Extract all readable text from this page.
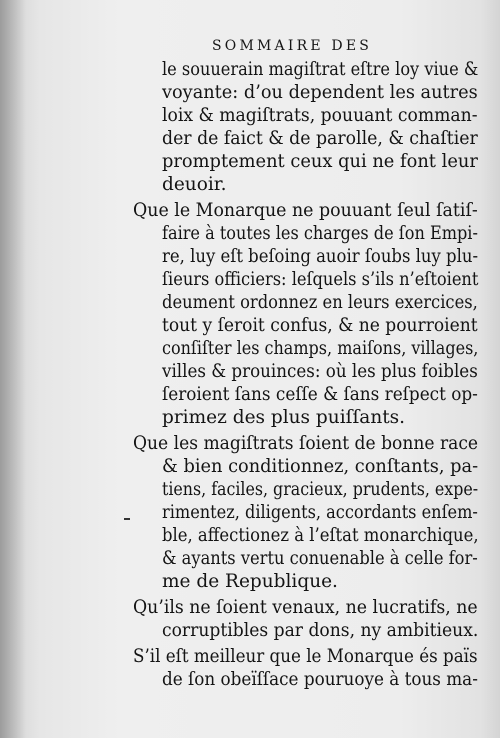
SOMMAIRE DES
le souuerain magiſtrat eſtre loy viue &
voyante: d’ou dependent les autres
loix & magiſtrats, pouuant comman-
der de faict & de parolle, & chaſtier
promptement ceux qui ne font leur
deuoir.
Que le Monarque ne pouuant ſeul ſatiſ-
faire à toutes les charges de ſon Empi-
re, luy eſt beſoing auoir ſoubs luy plu-
ſieurs officiers: leſquels s’ils n’eſtoient
deument ordonnez en leurs exercices,
tout y ſeroit confus, & ne pourroient
conſiſter les champs, maiſons, villages,
villes & prouinces: où les plus foibles
ſeroient ſans ceſſe & ſans reſpect op-
primez des plus puiſſants.
Que les magiſtrats ſoient de bonne race
& bien conditionnez, conſtants, pa-
tiens, faciles, gracieux, prudents, expe-
rimentez, diligents, accordants enſem-
ble, affectionez à l’eſtat monarchique,
& ayants vertu conuenable à celle for-
me de Republique.
Qu’ils ne ſoient venaux, ne lucratifs, ne
corruptibles par dons, ny ambitieux.
S’il eſt meilleur que le Monarque és païs
de ſon obeïſſace pouruoye à tous ma-
